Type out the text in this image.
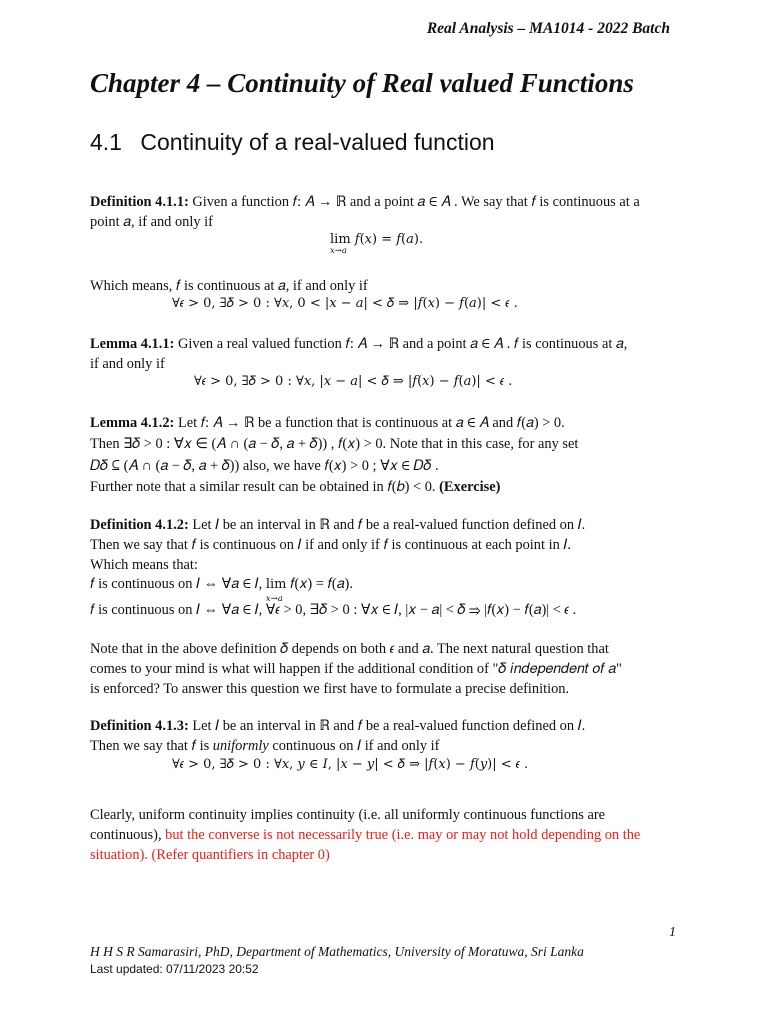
Real Analysis – MA1014 - 2022 Batch
Chapter 4 – Continuity of Real valued Functions
4.1 Continuity of a real-valued function
Definition 4.1.1: Given a function 𝑓: 𝐴 → ℝ and a point 𝑎 ∈ 𝐴 . We say that 𝑓 is continuous at a
point 𝑎, if and only if
lim
x→a
𝑓(𝑥) = 𝑓(𝑎).
Which means, 𝑓 is continuous at 𝑎, if and only if
∀𝜖 > 0, ∃𝛿 > 0 : ∀𝑥, 0 < |𝑥 − 𝑎| < 𝛿 ⇒ |𝑓(𝑥) − 𝑓(𝑎)| < 𝜖 .
Lemma 4.1.1: Given a real valued function 𝑓: 𝐴 → ℝ and a point 𝑎 ∈ 𝐴 . 𝑓 is continuous at 𝑎,
if and only if
∀𝜖 > 0, ∃𝛿 > 0 : ∀𝑥, |𝑥 − 𝑎| < 𝛿 ⇒ |𝑓(𝑥) − 𝑓(𝑎)| < 𝜖 .
Lemma 4.1.2: Let 𝑓: 𝐴 → ℝ be a function that is continuous at 𝑎 ∈ 𝐴 and 𝑓(𝑎) > 0.
Then ∃𝛿 > 0 : ∀𝑥 ∈ (𝐴 ∩ (𝑎 − 𝛿, 𝑎 + 𝛿)) , 𝑓(𝑥) > 0. Note that in this case, for any set
𝐷𝛿 ⊆ (𝐴 ∩ (𝑎 − 𝛿, 𝑎 + 𝛿)) also, we have 𝑓(𝑥) > 0 ; ∀𝑥 ∈ 𝐷𝛿 .
Further note that a similar result can be obtained in 𝑓(𝑏) < 0. (Exercise)
Definition 4.1.2: Let 𝐼 be an interval in ℝ and 𝑓 be a real-valued function defined on 𝐼.
Then we say that 𝑓 is continuous on 𝐼 if and only if 𝑓 is continuous at each point in 𝐼.
Which means that:
𝑓 is continuous on 𝐼 ⇔ ∀𝑎 ∈ 𝐼, lim
x→a
𝑓(𝑥) = 𝑓(𝑎).
𝑓 is continuous on 𝐼 ⇔ ∀𝑎 ∈ 𝐼, ∀𝜖 > 0, ∃𝛿 > 0 : ∀𝑥 ∈ 𝐼, |𝑥 − 𝑎| < 𝛿 ⇒ |𝑓(𝑥) − 𝑓(𝑎)| < 𝜖 .
Note that in the above definition 𝛿 depends on both 𝜖 and 𝑎. The next natural question that
comes to your mind is what will happen if the additional condition of "𝛿 𝑖𝑛𝑑𝑒𝑝𝑒𝑛𝑑𝑒𝑛𝑡 𝑜𝑓 𝑎"
is enforced? To answer this question we first have to formulate a precise definition.
Definition 4.1.3: Let 𝐼 be an interval in ℝ and 𝑓 be a real-valued function defined on 𝐼.
Then we say that 𝑓 is uniformly continuous on 𝐼 if and only if
∀𝜖 > 0, ∃𝛿 > 0 : ∀𝑥, 𝑦 ∈ 𝐼, |𝑥 − 𝑦| < 𝛿 ⇒ |𝑓(𝑥) − 𝑓(𝑦)| < 𝜖 .
Clearly, uniform continuity implies continuity (i.e. all uniformly continuous functions are
continuous), but the converse is not necessarily true (i.e. may or may not hold depending on the
situation). (Refer quantifiers in chapter 0)
1
H H S R Samarasiri, PhD, Department of Mathematics, University of Moratuwa, Sri Lanka
Last updated: 07/11/2023 20:52
